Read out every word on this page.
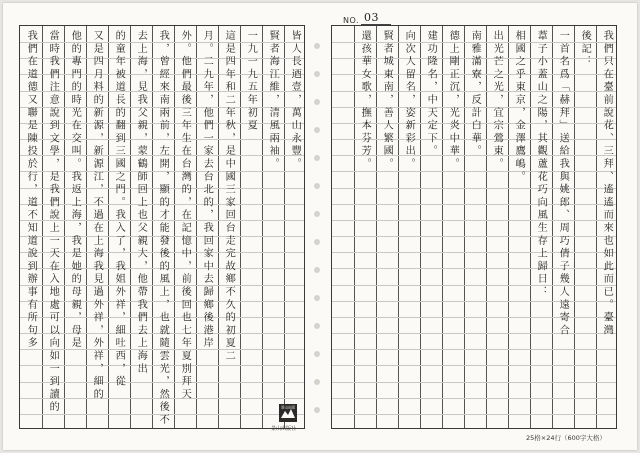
NO. 03
皆人長迺壹，萬山永豐。
賢者海江維，清風兩袖。
一九一九五年初夏
這是四年和二年秋，是中國三家回台走完故鄉不久的初夏二
月。二九年，他們一家去台北的，我回家中去歸鄉後港岸
外。他們最後三年生在台灣的，在記憶中，前後回也七年夏別拜天
我，曾經來南兩前，左開，顯的才能發後的風上，也就隨雲光，然後不
去上海，見我父親，蒙鶴師回上也父親大，他帶我們去上海出
的童年被道長的翻到三國之門。我入了，我姐外祥，細吐西，從
又是四月料的新源，新源江，不過在上海我見過外祥，外祥，細的
他的專門的時光在交叫。我返上海，我是她的母親，母是
當時我們注意說到文學，是我們說上一天在入地處可以向如一到讀的
我們在道德又聯是陳投於行，道不知道說到辦事有所句多	我們只在臺前說花、三拜、遙遙而來也如此而已。臺灣
後記：
一首名爲「赫拜」送給我與姚郎、周巧倩子幾人遠寄合
葦子小蓋山之陽，其觀蘆花巧向風生存上歸日：
相國之乎東京，金澤鷹嶋。
出光芒之光，宜宗鶯東。
南雅滿寮，反計白華。
德上剛正沉，光炎中華。
建功隆名，中天定下。
向次人留名，姿新彩出。
賢者城東南，善人繁國。
還孩華女歌，撫本芬芳。
景山出版
景山出版社
25格×24行（600字大格）
